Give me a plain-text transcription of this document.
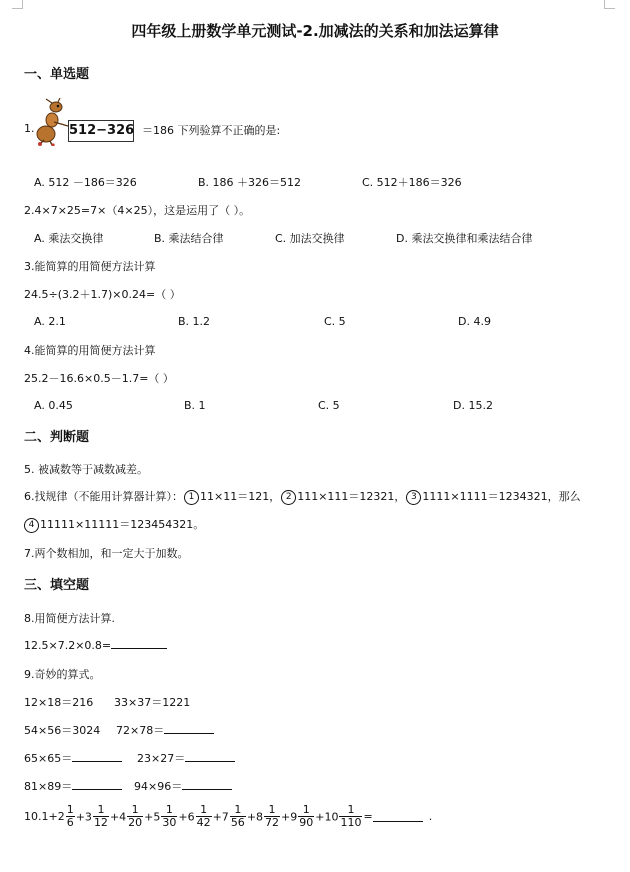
四年级上册数学单元测试-2.加减法的关系和加法运算律
一、单选题
1.	512−326 ＝186 下列验算不正确的是:
A. 512 －186＝326	B. 186 ＋326＝512	C. 512＋186＝326
2.4×7×25=7×（4×25），这是运用了（ ）。
A. 乘法交换律	B. 乘法结合律	C. 加法交换律	D. 乘法交换律和乘法结合律
3.能简算的用简便方法计算
24.5÷(3.2＋1.7)×0.24=（ ）
A. 2.1	B. 1.2	C. 5	D. 4.9
4.能简算的用简便方法计算
25.2－16.6×0.5－1.7=（ ）
A. 0.45	B. 1	C. 5	D. 15.2
二、判断题
5. 被减数等于减数减差。
6.找规律（不能用计算器计算）： 1 11×11＝121， 2 111×111＝12321， 3 1111×1111＝1234321，那么
4 11111×11111＝123454321。
7.两个数相加，和一定大于加数。
三、填空题
8.用简便方法计算.
12.5×7.2×0.8=
9.奇妙的算式。
12×18＝216 33×37＝1221
54×56＝3024 72×78＝
65×65＝	23×27＝
81×89＝	94×96＝
$10.1+2 \frac{1}{6} +3 \frac{1}{12} +4 \frac{1}{20} +5 \frac{1}{30} +6 \frac{1}{42} +7 \frac{1}{56} +8 \frac{1}{72} +9 \frac{1}{90} +10 \frac{1}{110}$ =	.
